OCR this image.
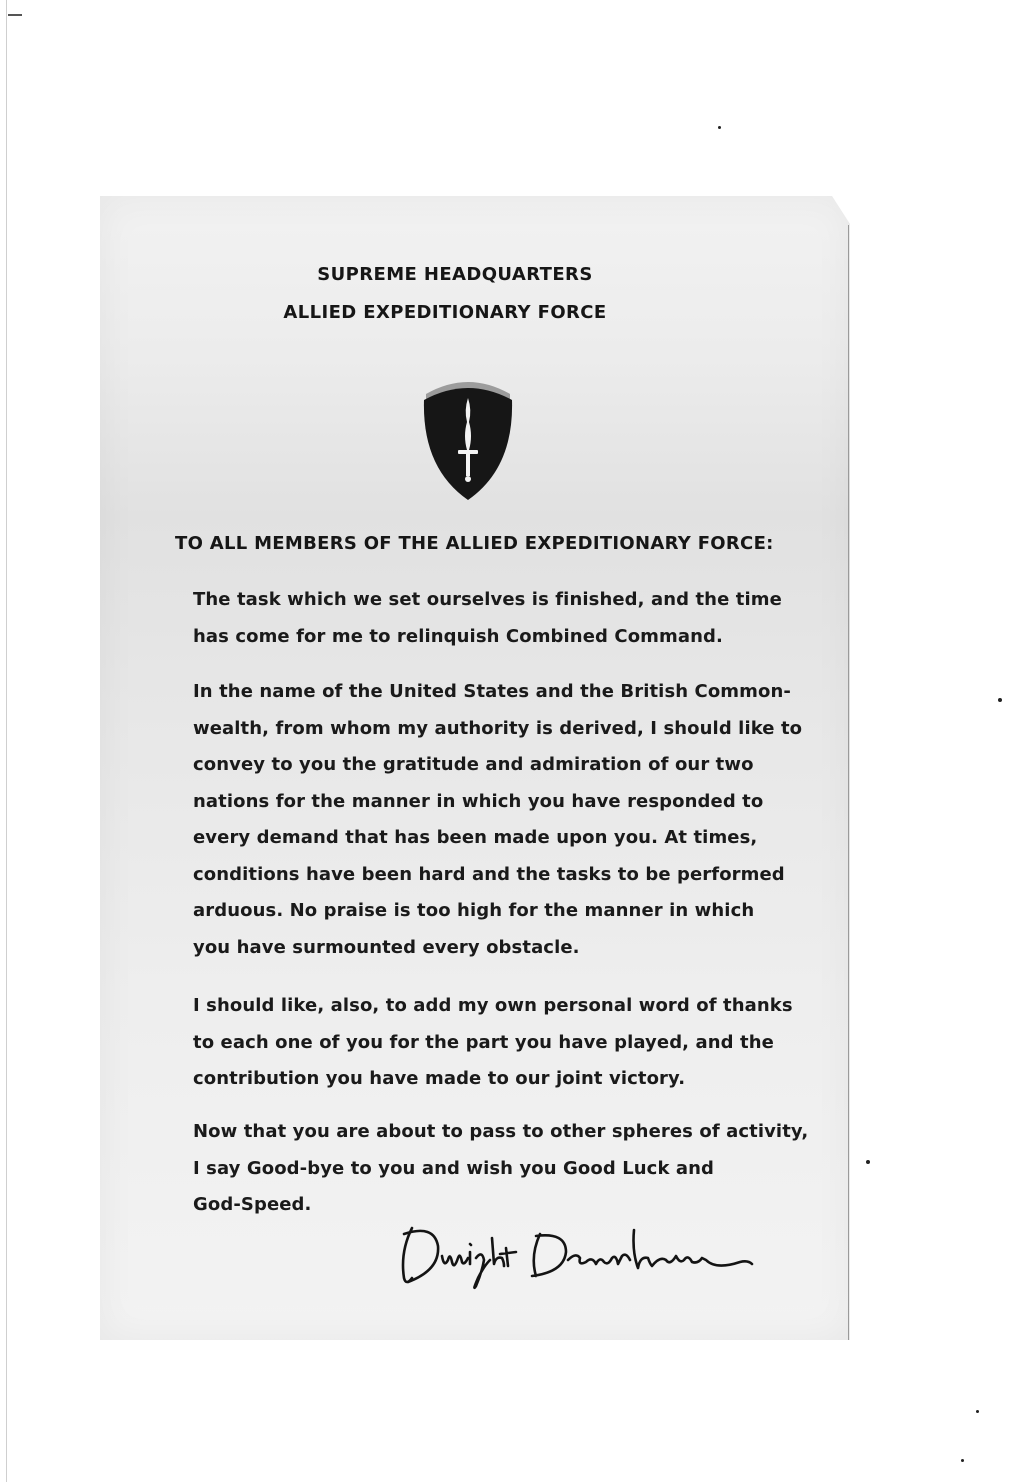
SUPREME HEADQUARTERS
ALLIED EXPEDITIONARY FORCE
TO ALL MEMBERS OF THE ALLIED EXPEDITIONARY FORCE:
The task which we set ourselves is finished, and the time
has come for me to relinquish Combined Command.
In the name of the United States and the British Common-
wealth, from whom my authority is derived, I should like to
convey to you the gratitude and admiration of our two
nations for the manner in which you have responded to
every demand that has been made upon you. At times,
conditions have been hard and the tasks to be performed
arduous. No praise is too high for the manner in which
you have surmounted every obstacle.
I should like, also, to add my own personal word of thanks
to each one of you for the part you have played, and the
contribution you have made to our joint victory.
Now that you are about to pass to other spheres of activity,
I say Good-bye to you and wish you Good Luck and
God-Speed.
